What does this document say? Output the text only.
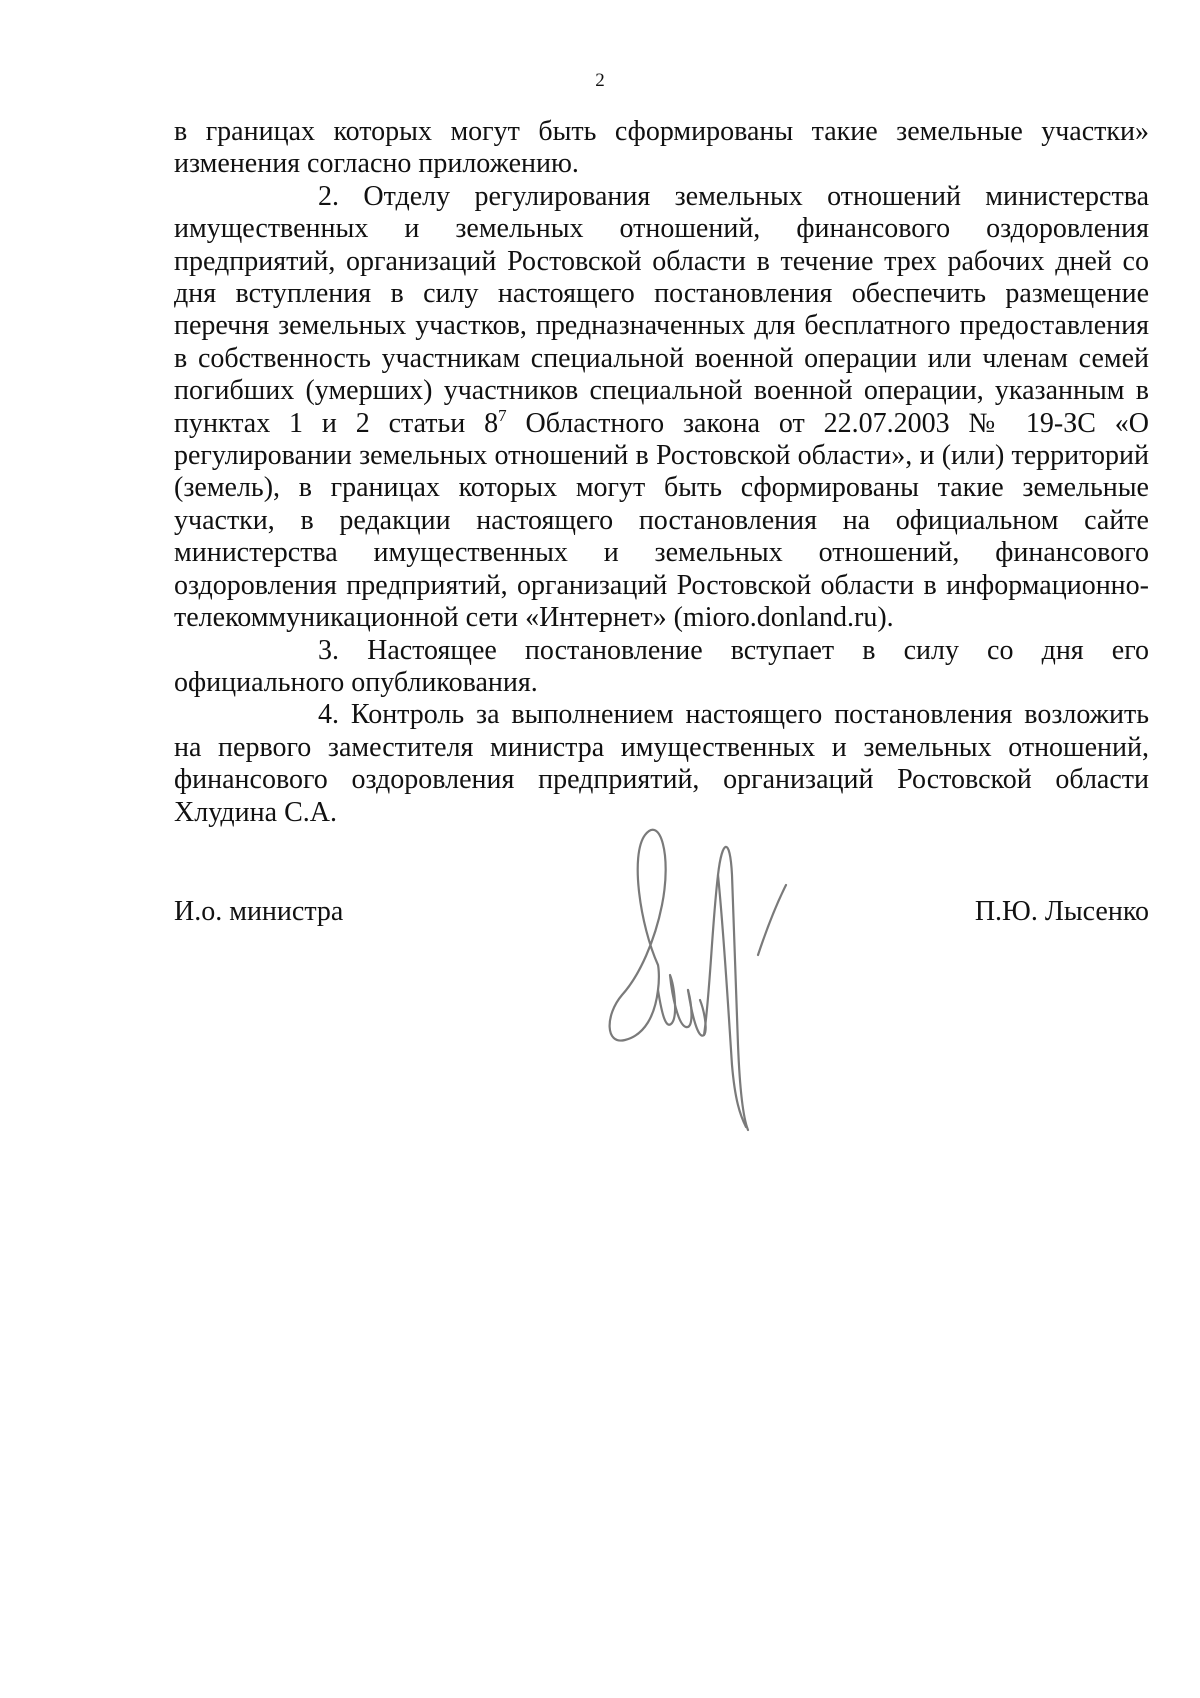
2

в границах которых могут быть сформированы такие земельные участки» изменения согласно приложению.

2. Отделу регулирования земельных отношений министерства имущественных и земельных отношений, финансового оздоровления предприятий, организаций Ростовской области в течение трех рабочих дней со дня вступления в силу настоящего постановления обеспечить размещение перечня земельных участков, предназначенных для бесплатного предоставления в собственность участникам специальной военной операции или членам семей погибших (умерших) участников специальной военной операции, указанным в пунктах 1 и 2 статьи $8^7$ Областного закона от 22.07.2003 № 19-ЗС «О регулировании земельных отношений в Ростовской области», и (или) территорий (земель), в границах которых могут быть сформированы такие земельные участки, в редакции настоящего постановления на официальном сайте министерства имущественных и земельных отношений, финансового оздоровления предприятий, организаций Ростовской области в информационно-телекоммуникационной сети «Интернет» (mioro.donland.ru).

3. Настоящее постановление вступает в силу со дня его официального опубликования.

4. Контроль за выполнением настоящего постановления возложить на первого заместителя министра имущественных и земельных отношений, финансового оздоровления предприятий, организаций Ростовской области Хлудина С.А.

И.о. министра	П.Ю. Лысенко
